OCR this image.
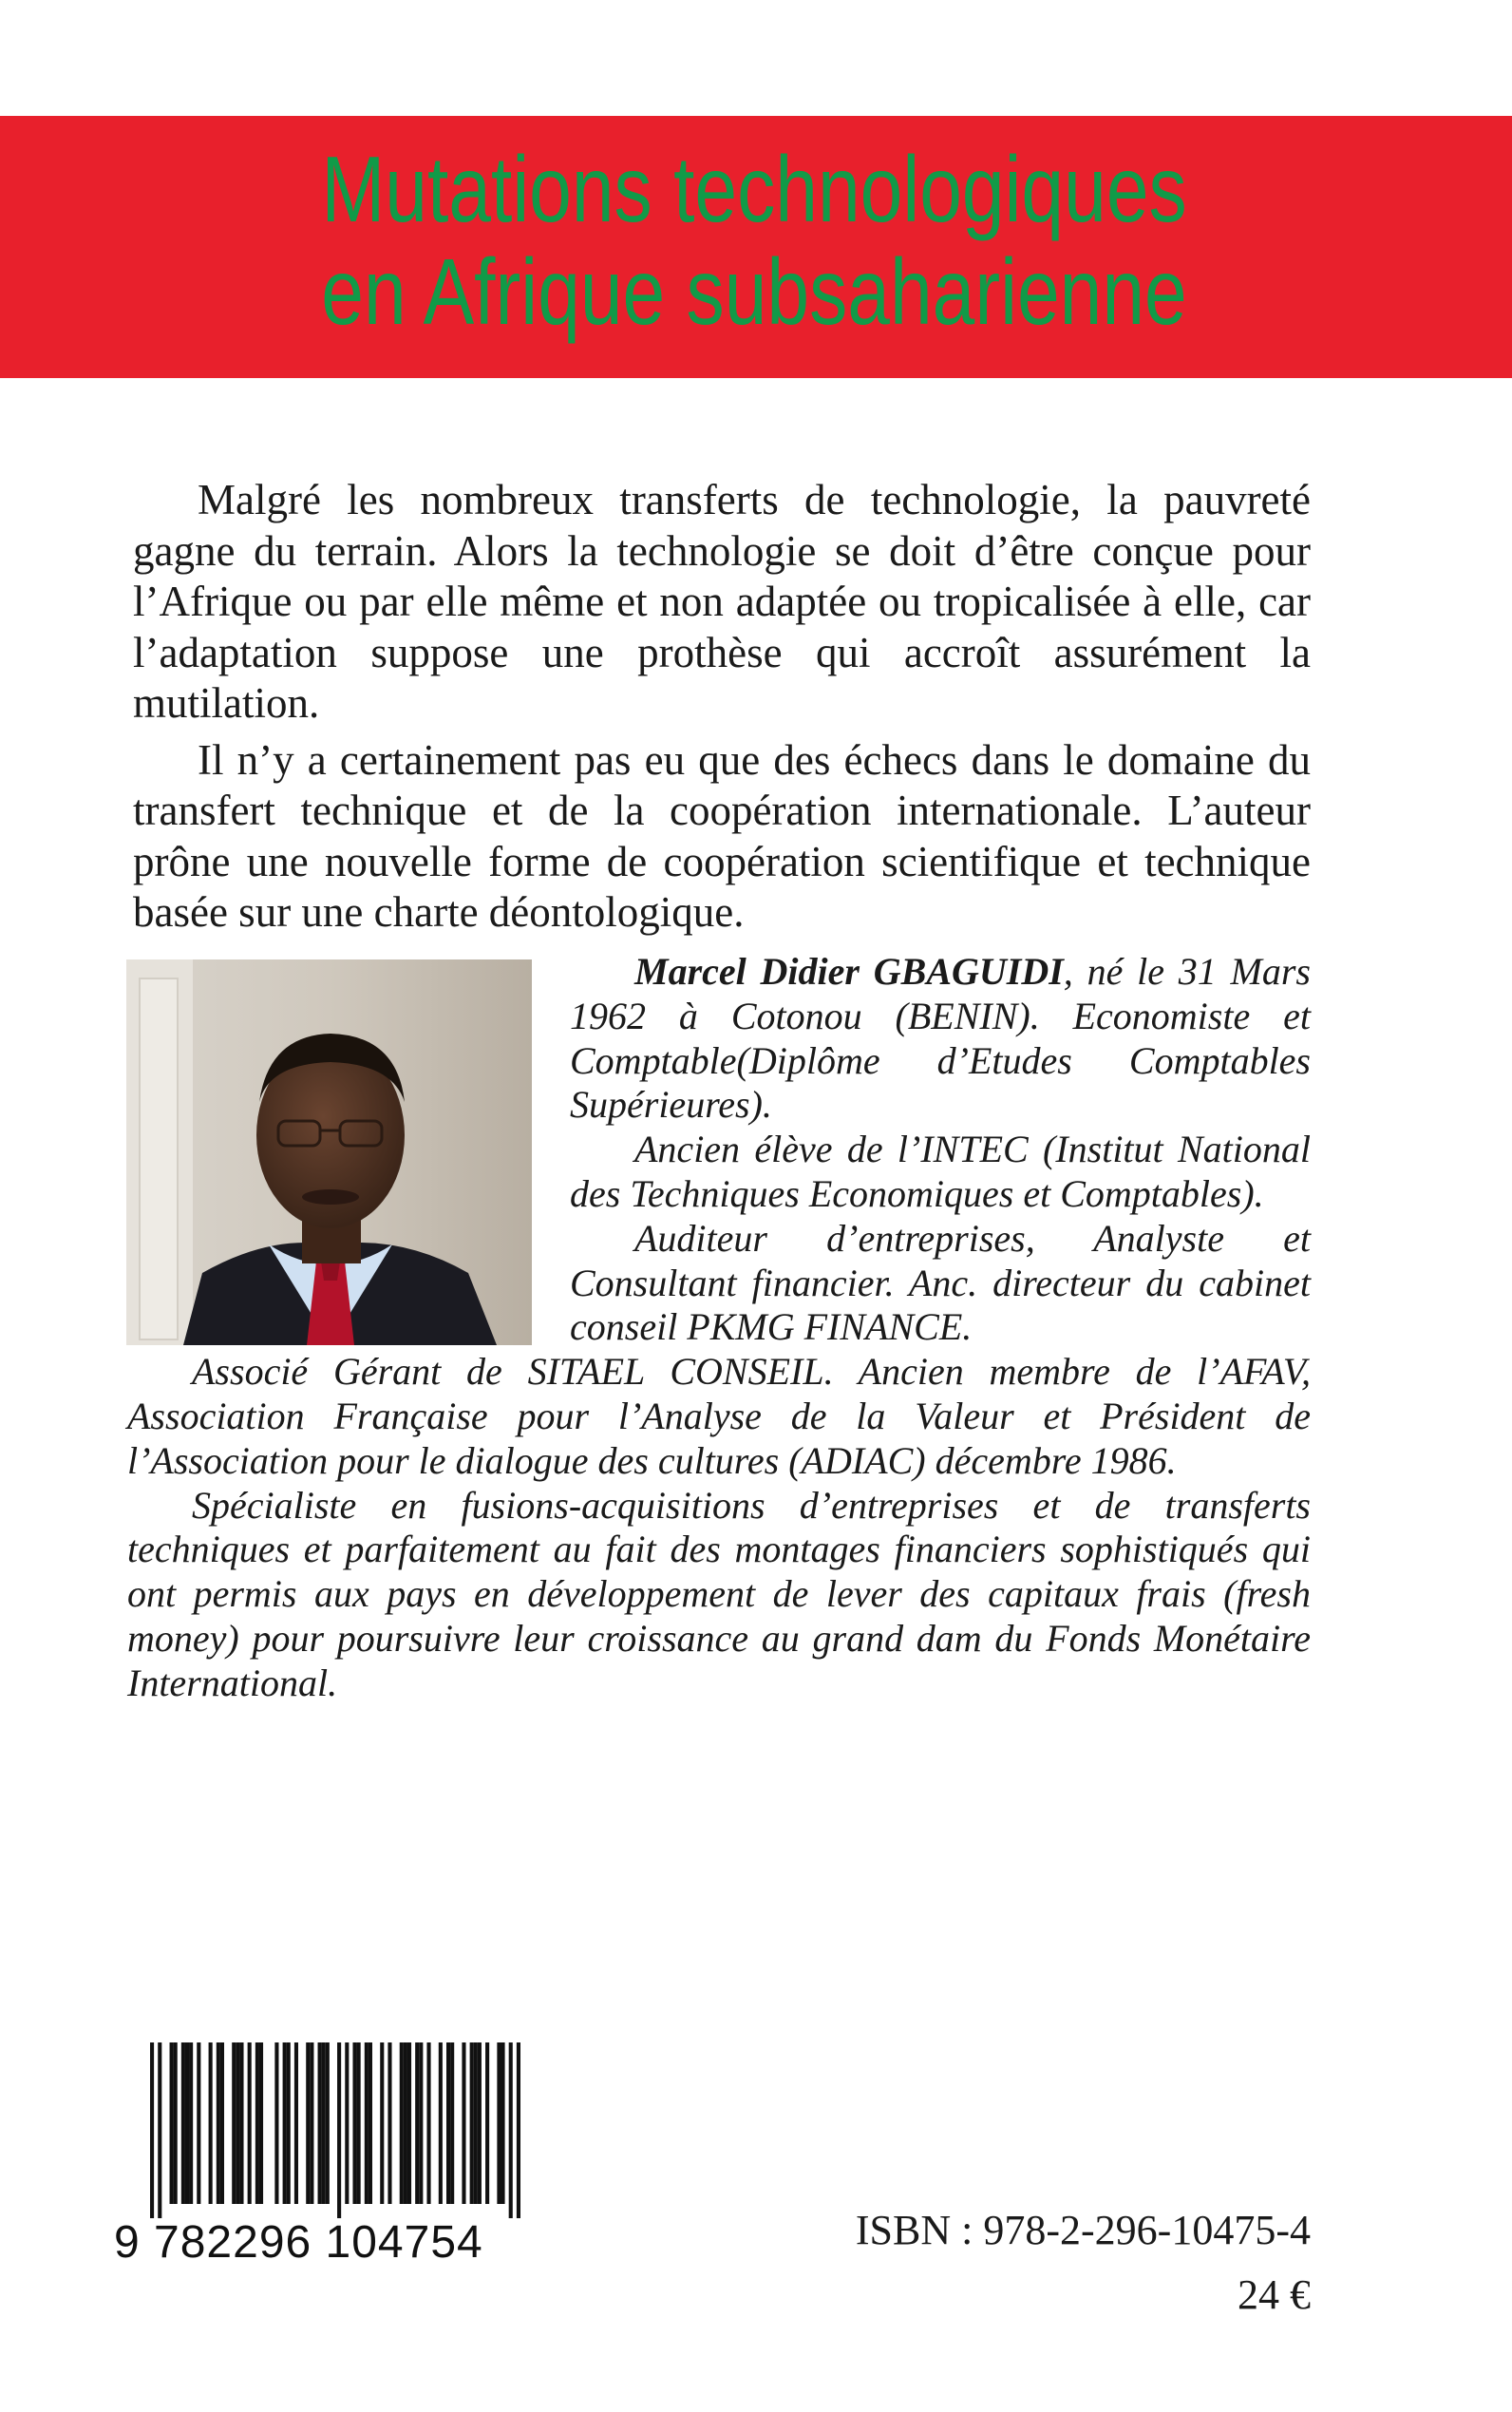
Mutations technologiques
en Afrique subsaharienne

Malgré les nombreux transferts de technologie, la pauvreté gagne du terrain. Alors la technologie se doit d’être conçue pour l’Afrique ou par elle même et non adaptée ou tropicalisée à elle, car l’adaptation suppose une prothèse qui accroît assurément la mutilation.

Il n’y a certainement pas eu que des échecs dans le domaine du transfert technique et de la coopération internationale. L’auteur prône une nouvelle forme de coopération scientifique et technique basée sur une charte déontologique.

Marcel Didier GBAGUIDI, né le 31 Mars 1962 à Cotonou (BENIN). Economiste et Comptable(Diplôme d’Etudes Comptables Supérieures).

Ancien élève de l’INTEC (Institut National des Techniques Economiques et Comptables).

Auditeur d’entreprises, Analyste et Consultant financier. Anc. directeur du cabinet conseil PKMG FINANCE.

Associé Gérant de SITAEL CONSEIL. Ancien membre de l’AFAV, Association Française pour l’Analyse de la Valeur et Président de l’Association pour le dialogue des cultures (ADIAC) décembre 1986.

Spécialiste en fusions-acquisitions d’entreprises et de transferts techniques et parfaitement au fait des montages financiers sophistiqués qui ont permis aux pays en développement de lever des capitaux frais (fresh money) pour poursuivre leur croissance au grand dam du Fonds Monétaire International.

9 782296 104754	ISBN : 978-2-296-10475-4
24 €
